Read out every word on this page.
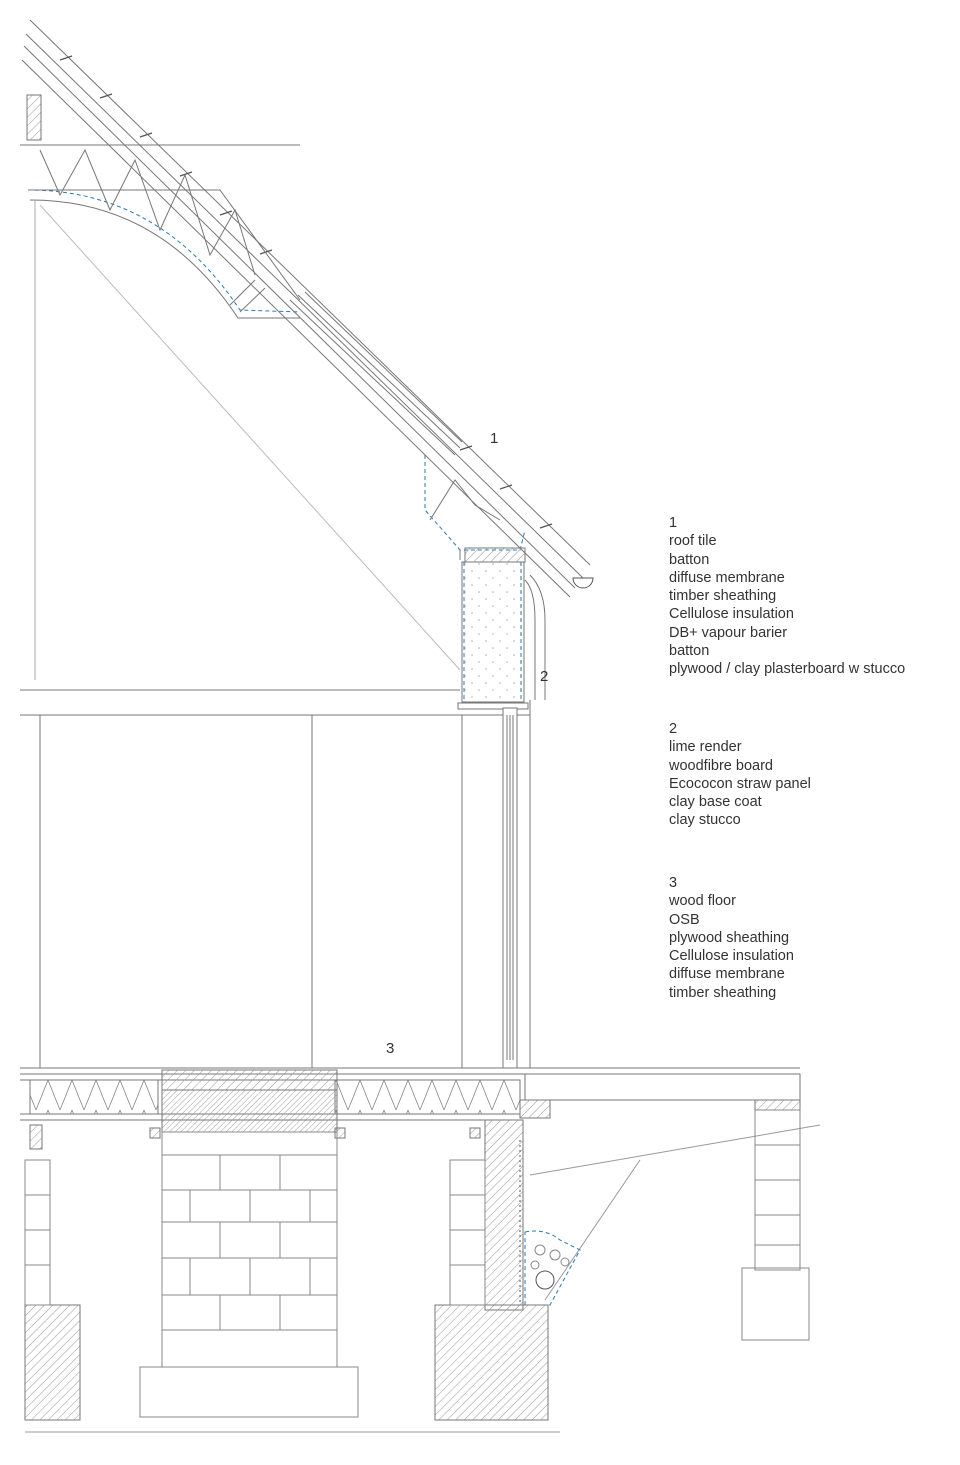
1
2
3
1
roof tile
batton
diffuse membrane
timber sheathing
Cellulose insulation
DB+ vapour barier
batton
plywood / clay plasterboard w stucco
2
lime render
woodfibre board
Ecococon straw panel
clay base coat
clay stucco
3
wood floor
OSB
plywood sheathing
Cellulose insulation
diffuse membrane
timber sheathing
